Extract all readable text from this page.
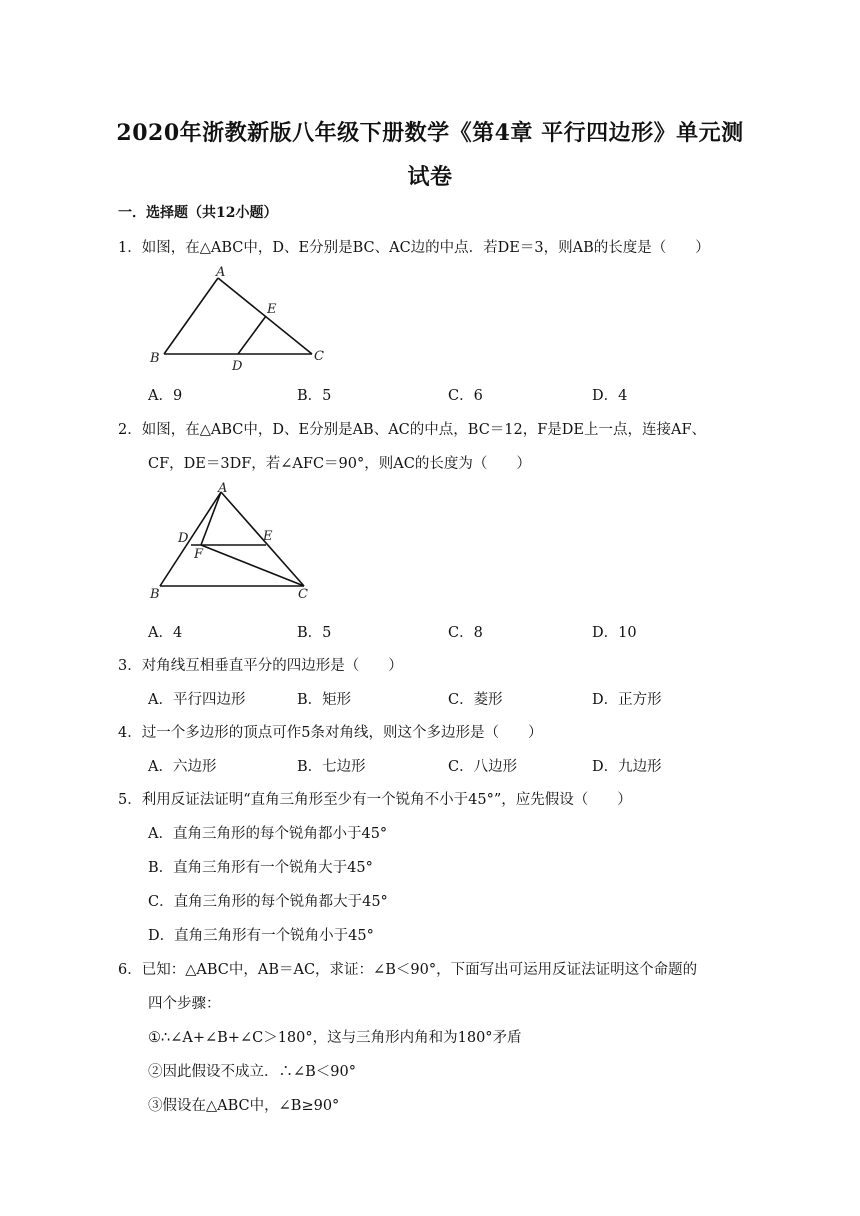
2020年浙教新版八年级下册数学《第4章 平行四边形》单元测
试卷
一．选择题（共12小题）
1．如图，在△ABC中，D、E分别是BC、AC边的中点．若DE＝3，则AB的长度是（　　）
A
E
B
D
C
A．9	B．5	C．6	D．4
2．如图，在△ABC中，D、E分别是AB、AC的中点，BC＝12，F是DE上一点，连接AF、
CF，DE＝3DF，若∠AFC＝90°，则AC的长度为（　　）
A
D	E
F
B	C
A．4	B．5	C．8	D．10
3．对角线互相垂直平分的四边形是（　　）
A．平行四边形	B．矩形	C．菱形	D．正方形
4．过一个多边形的顶点可作5条对角线，则这个多边形是（　　）
A．六边形	B．七边形	C．八边形	D．九边形
5．利用反证法证明“直角三角形至少有一个锐角不小于45°”，应先假设（　　）
A．直角三角形的每个锐角都小于45°
B．直角三角形有一个锐角大于45°
C．直角三角形的每个锐角都大于45°
D．直角三角形有一个锐角小于45°
6．已知：△ABC中，AB＝AC，求证：∠B＜90°，下面写出可运用反证法证明这个命题的
四个步骤：
①∴∠A+∠B+∠C＞180°，这与三角形内角和为180°矛盾
②因此假设不成立．∴∠B＜90°
③假设在△ABC中，∠B≥90°
